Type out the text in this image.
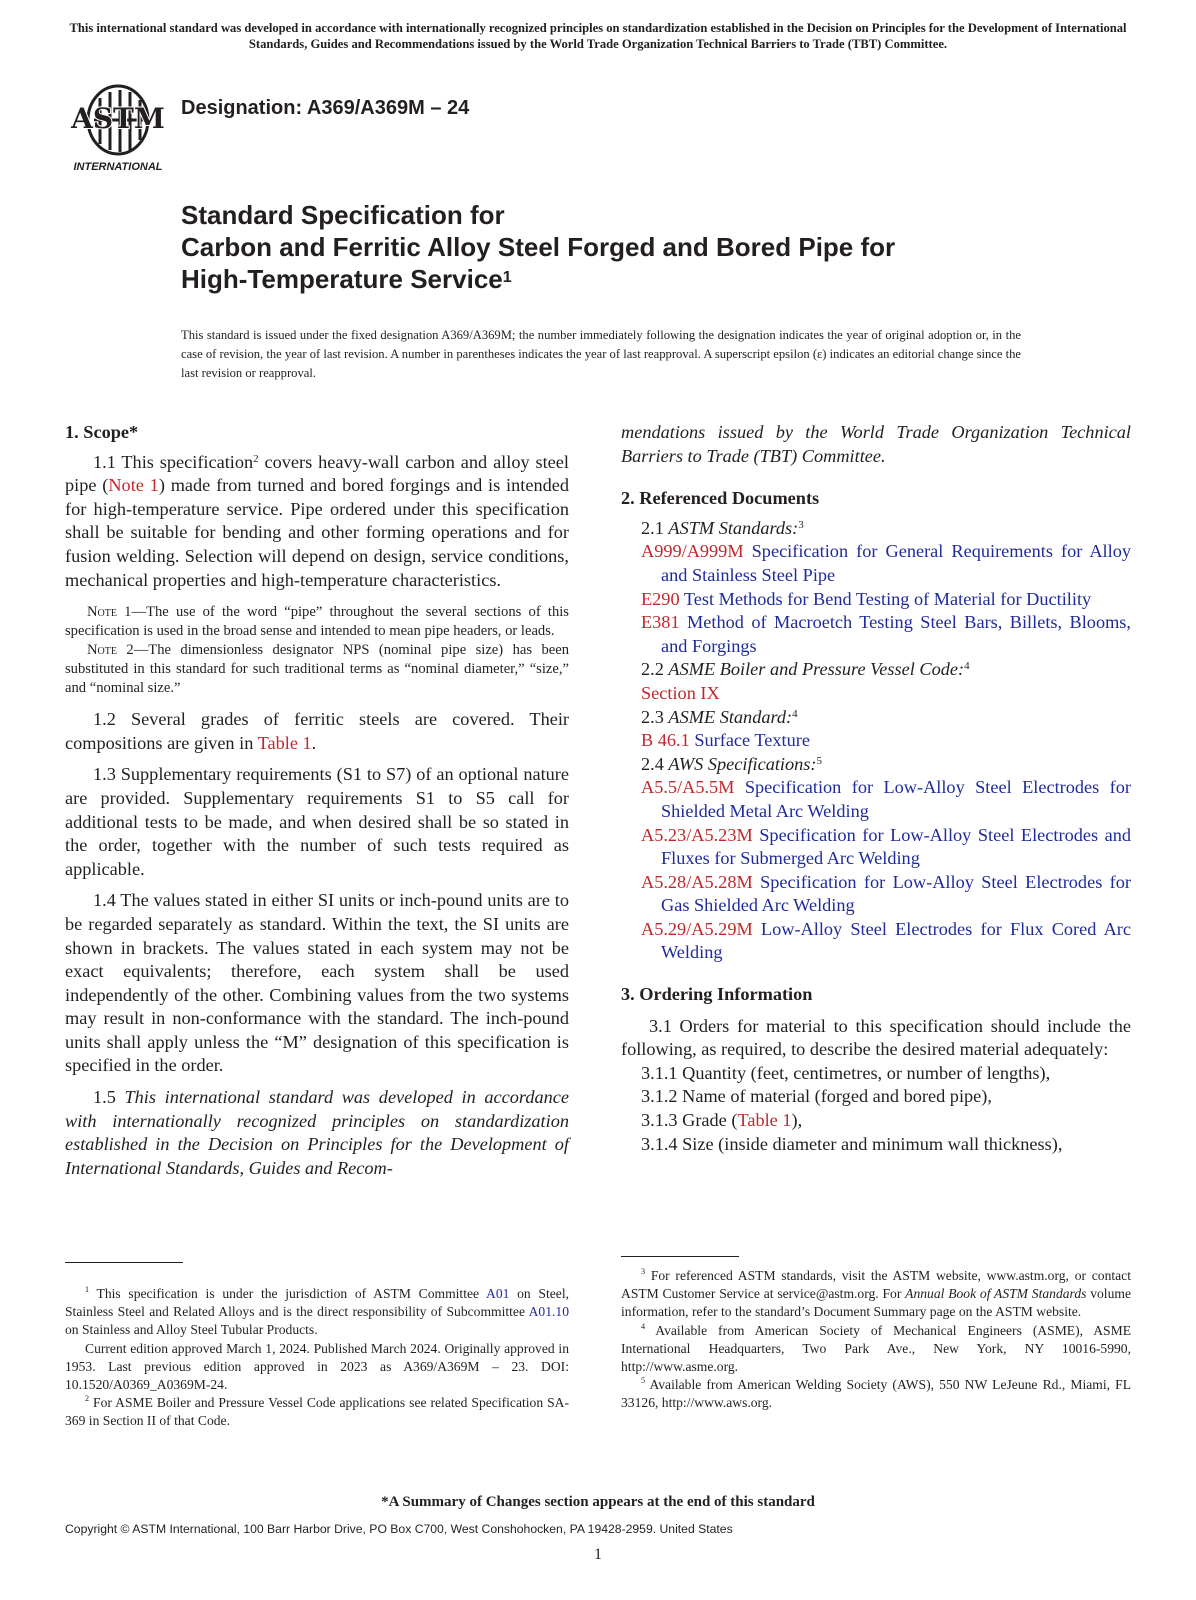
This international standard was developed in accordance with internationally recognized principles on standardization established in the Decision on Principles for the Development of International Standards, Guides and Recommendations issued by the World Trade Organization Technical Barriers to Trade (TBT) Committee.
ASTM
INTERNATIONAL
Designation: A369/A369M – 24
Standard Specification for
Carbon and Ferritic Alloy Steel Forged and Bored Pipe for
High-Temperature Service$^1$
This standard is issued under the fixed designation A369/A369M; the number immediately following the designation indicates the year of original adoption or, in the case of revision, the year of last revision. A number in parentheses indicates the year of last reapproval. A superscript epsilon (ε) indicates an editorial change since the last revision or reapproval.
1. Scope*

1.1 This specification$^2$ covers heavy-wall carbon and alloy steel pipe (Note 1) made from turned and bored forgings and is intended for high-temperature service. Pipe ordered under this specification shall be suitable for bending and other forming operations and for fusion welding. Selection will depend on design, service conditions, mechanical properties and high-temperature characteristics.

Note 1—The use of the word “pipe” throughout the several sections of this specification is used in the broad sense and intended to mean pipe headers, or leads.

Note 2—The dimensionless designator NPS (nominal pipe size) has been substituted in this standard for such traditional terms as “nominal diameter,” “size,” and “nominal size.”

1.2 Several grades of ferritic steels are covered. Their compositions are given in Table 1.

1.3 Supplementary requirements (S1 to S7) of an optional nature are provided. Supplementary requirements S1 to S5 call for additional tests to be made, and when desired shall be so stated in the order, together with the number of such tests required as applicable.

1.4 The values stated in either SI units or inch-pound units are to be regarded separately as standard. Within the text, the SI units are shown in brackets. The values stated in each system may not be exact equivalents; therefore, each system shall be used independently of the other. Combining values from the two systems may result in non-conformance with the standard. The inch-pound units shall apply unless the “M” designation of this specification is specified in the order.

1.5 This international standard was developed in accordance with internationally recognized principles on standardization established in the Decision on Principles for the Development of International Standards, Guides and Recom-

$^1$ This specification is under the jurisdiction of ASTM Committee A01 on Steel, Stainless Steel and Related Alloys and is the direct responsibility of Subcommittee A01.10 on Stainless and Alloy Steel Tubular Products.

Current edition approved March 1, 2024. Published March 2024. Originally approved in 1953. Last previous edition approved in 2023 as A369/A369M – 23. DOI: 10.1520/A0369_A0369M-24.

$^2$ For ASME Boiler and Pressure Vessel Code applications see related Specification SA-369 in Section II of that Code.

mendations issued by the World Trade Organization Technical Barriers to Trade (TBT) Committee.

2. Referenced Documents
2.1 ASTM Standards:$^3$
A999/A999M Specification for General Requirements for Alloy and Stainless Steel Pipe
E290 Test Methods for Bend Testing of Material for Ductility
E381 Method of Macroetch Testing Steel Bars, Billets, Blooms, and Forgings
2.2 ASME Boiler and Pressure Vessel Code:$^4$
Section IX
2.3 ASME Standard:$^4$
B 46.1 Surface Texture
2.4 AWS Specifications:$^5$
A5.5/A5.5M Specification for Low-Alloy Steel Electrodes for Shielded Metal Arc Welding
A5.23/A5.23M Specification for Low-Alloy Steel Electrodes and Fluxes for Submerged Arc Welding
A5.28/A5.28M Specification for Low-Alloy Steel Electrodes for Gas Shielded Arc Welding
A5.29/A5.29M Low-Alloy Steel Electrodes for Flux Cored Arc Welding
3. Ordering Information

3.1 Orders for material to this specification should include the following, as required, to describe the desired material adequately:

3.1.1 Quantity (feet, centimetres, or number of lengths),
3.1.2 Name of material (forged and bored pipe),
3.1.3 Grade (Table 1),
3.1.4 Size (inside diameter and minimum wall thickness),

$^3$ For referenced ASTM standards, visit the ASTM website, www.astm.org, or contact ASTM Customer Service at service@astm.org. For Annual Book of ASTM Standards volume information, refer to the standard’s Document Summary page on the ASTM website.

$^4$ Available from American Society of Mechanical Engineers (ASME), ASME International Headquarters, Two Park Ave., New York, NY 10016-5990, http://www.asme.org.

$^5$ Available from American Welding Society (AWS), 550 NW LeJeune Rd., Miami, FL 33126, http://www.aws.org.

*A Summary of Changes section appears at the end of this standard
Copyright © ASTM International, 100 Barr Harbor Drive, PO Box C700, West Conshohocken, PA 19428-2959. United States
1
